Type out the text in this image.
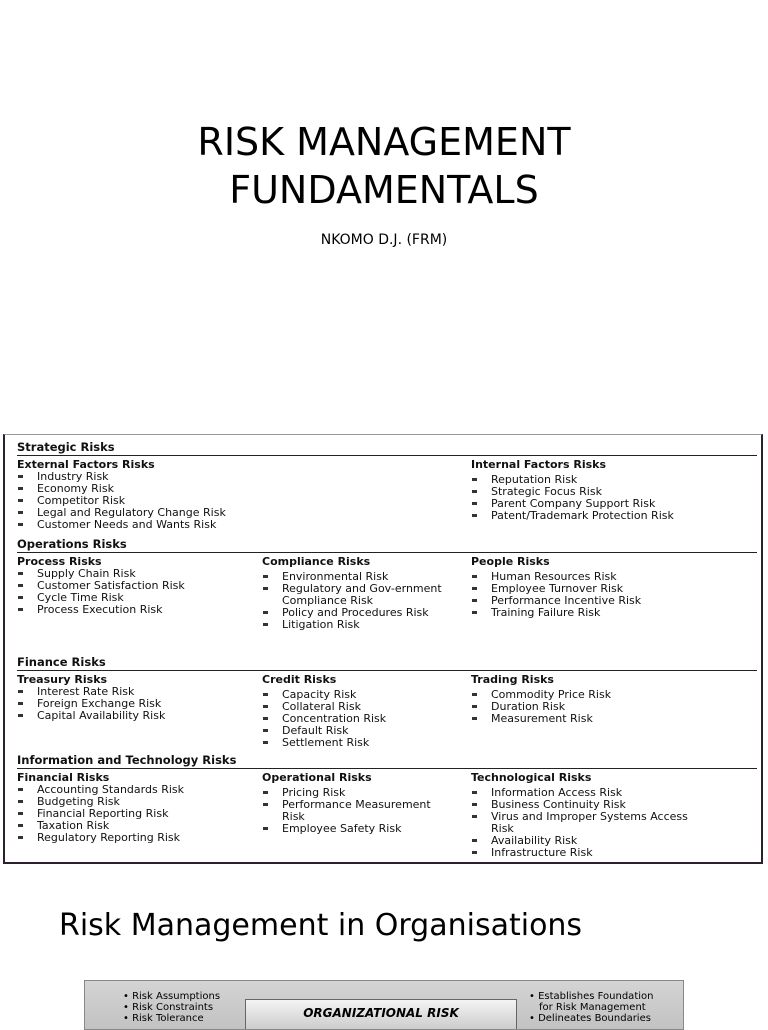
RISK MANAGEMENT
FUNDAMENTALS
NKOMO D.J. (FRM)
Strategic Risks
External Factors Risks
Industry Risk
Economy Risk
Competitor Risk
Legal and Regulatory Change Risk
Customer Needs and Wants Risk
Internal Factors Risks
Reputation Risk
Strategic Focus Risk
Parent Company Support Risk
Patent/Trademark Protection Risk
Operations Risks
Process Risks
Supply Chain Risk
Customer Satisfaction Risk
Cycle Time Risk
Process Execution Risk
Compliance Risks
Environmental Risk
Regulatory and Gov-ernment Compliance Risk
Policy and Procedures Risk
Litigation Risk
People Risks
Human Resources Risk
Employee Turnover Risk
Performance Incentive Risk
Training Failure Risk
Finance Risks
Treasury Risks
Interest Rate Risk
Foreign Exchange Risk
Capital Availability Risk
Credit Risks
Capacity Risk
Collateral Risk
Concentration Risk
Default Risk
Settlement Risk
Trading Risks
Commodity Price Risk
Duration Risk
Measurement Risk
Information and Technology Risks
Financial Risks
Accounting Standards Risk
Budgeting Risk
Financial Reporting Risk
Taxation Risk
Regulatory Reporting Risk
Operational Risks
Pricing Risk
Performance Measurement Risk
Employee Safety Risk
Technological Risks
Information Access Risk
Business Continuity Risk
Virus and Improper Systems Access Risk
Availability Risk
Infrastructure Risk
Risk Management in Organisations
• Risk Assumptions
• Risk Constraints
• Risk Tolerance	ORGANIZATIONAL RISK
• Establishes Foundation
for Risk Management
• Delineates Boundaries
